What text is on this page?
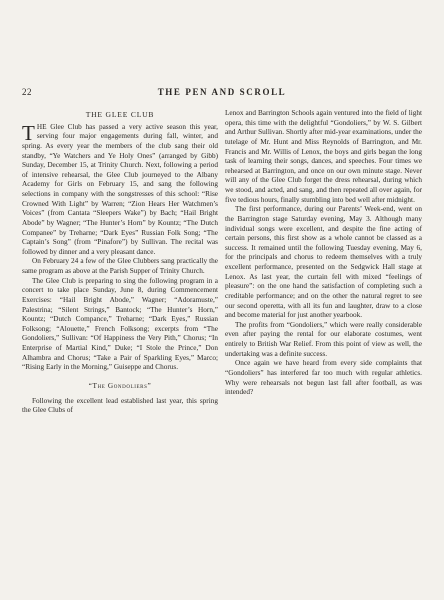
22	THE PEN AND SCROLL
THE GLEE CLUB

THE Glee Club has passed a very active season this year, serving four major engagements during fall, winter, and spring. As every year the members of the club sang their old standby, “Ye Watchers and Ye Holy Ones” (arranged by Gibb) Sunday, December 15, at Trinity Church. Next, following a period of intensive rehearsal, the Glee Club journeyed to the Albany Academy for Girls on February 15, and sang the following selections in company with the songstresses of this school: “Rise Crowned With Light” by Warren; “Zion Hears Her Watchmen’s Voices” (from Cantata “Sleepers Wake”) by Bach; “Hail Bright Abode” by Wagner; “The Hunter’s Horn” by Kountz; “The Dutch Companee” by Treharne; “Dark Eyes” Russian Folk Song; “The Captain’s Song” (from “Pinafore”) by Sullivan. The recital was followed by dinner and a very pleasant dance.

On February 24 a few of the Glee Clubbers sang practically the same program as above at the Parish Supper of Trinity Church.

The Glee Club is preparing to sing the following program in a concert to take place Sunday, June 8, during Commencement Exercises: “Hail Bright Abode,” Wagner; “Adoramuste,” Palestrina; “Silent Strings,” Bantock; “The Hunter’s Horn,” Kountz; “Dutch Compance,” Treharne; “Dark Eyes,” Russian Folksong; “Alouette,” French Folksong; excerpts from “The Gondoliers,” Sullivan: “Of Happiness the Very Pith,” Chorus; “In Enterprise of Martial Kind,” Duke; “I Stole the Prince,” Don Alhambra and Chorus; “Take a Pair of Sparkling Eyes,” Marco; “Rising Early in the Morning,” Guiseppe and Chorus.

“The Gondoliers”

Following the excellent lead established last year, this spring the Glee Clubs of

Lenox and Barrington Schools again ventured into the field of light opera, this time with the delightful “Gondoliers,” by W. S. Gilbert and Arthur Sullivan. Shortly after mid-year examinations, under the tutelage of Mr. Hunt and Miss Reynolds of Barrington, and Mr. Francis and Mr. Willis of Lenox, the boys and girls began the long task of learning their songs, dances, and speeches. Four times we rehearsed at Barrington, and once on our own minute stage. Never will any of the Glee Club forget the dress rehearsal, during which we stood, and acted, and sang, and then repeated all over again, for five tedious hours, finally stumbling into bed well after midnight.

The first performance, during our Parents’ Week-end, went on the Barrington stage Saturday evening, May 3. Although many individual songs were excellent, and despite the fine acting of certain persons, this first show as a whole cannot be classed as a success. It remained until the following Tuesday evening, May 6, for the principals and chorus to redeem themselves with a truly excellent performance, presented on the Sedgwick Hall stage at Lenox. As last year, the curtain fell with mixed “feelings of pleasure”: on the one hand the satisfaction of completing such a creditable performance; and on the other the natural regret to see our second operetta, with all its fun and laughter, draw to a close and become material for just another yearbook.

The profits from “Gondoliers,” which were really considerable even after paying the rental for our elaborate costumes, went entirely to British War Relief. From this point of view as well, the undertaking was a definite success.

Once again we have heard from every side complaints that “Gondoliers” has interfered far too much with regular athletics. Why were rehearsals not begun last fall after football, as was intended?
